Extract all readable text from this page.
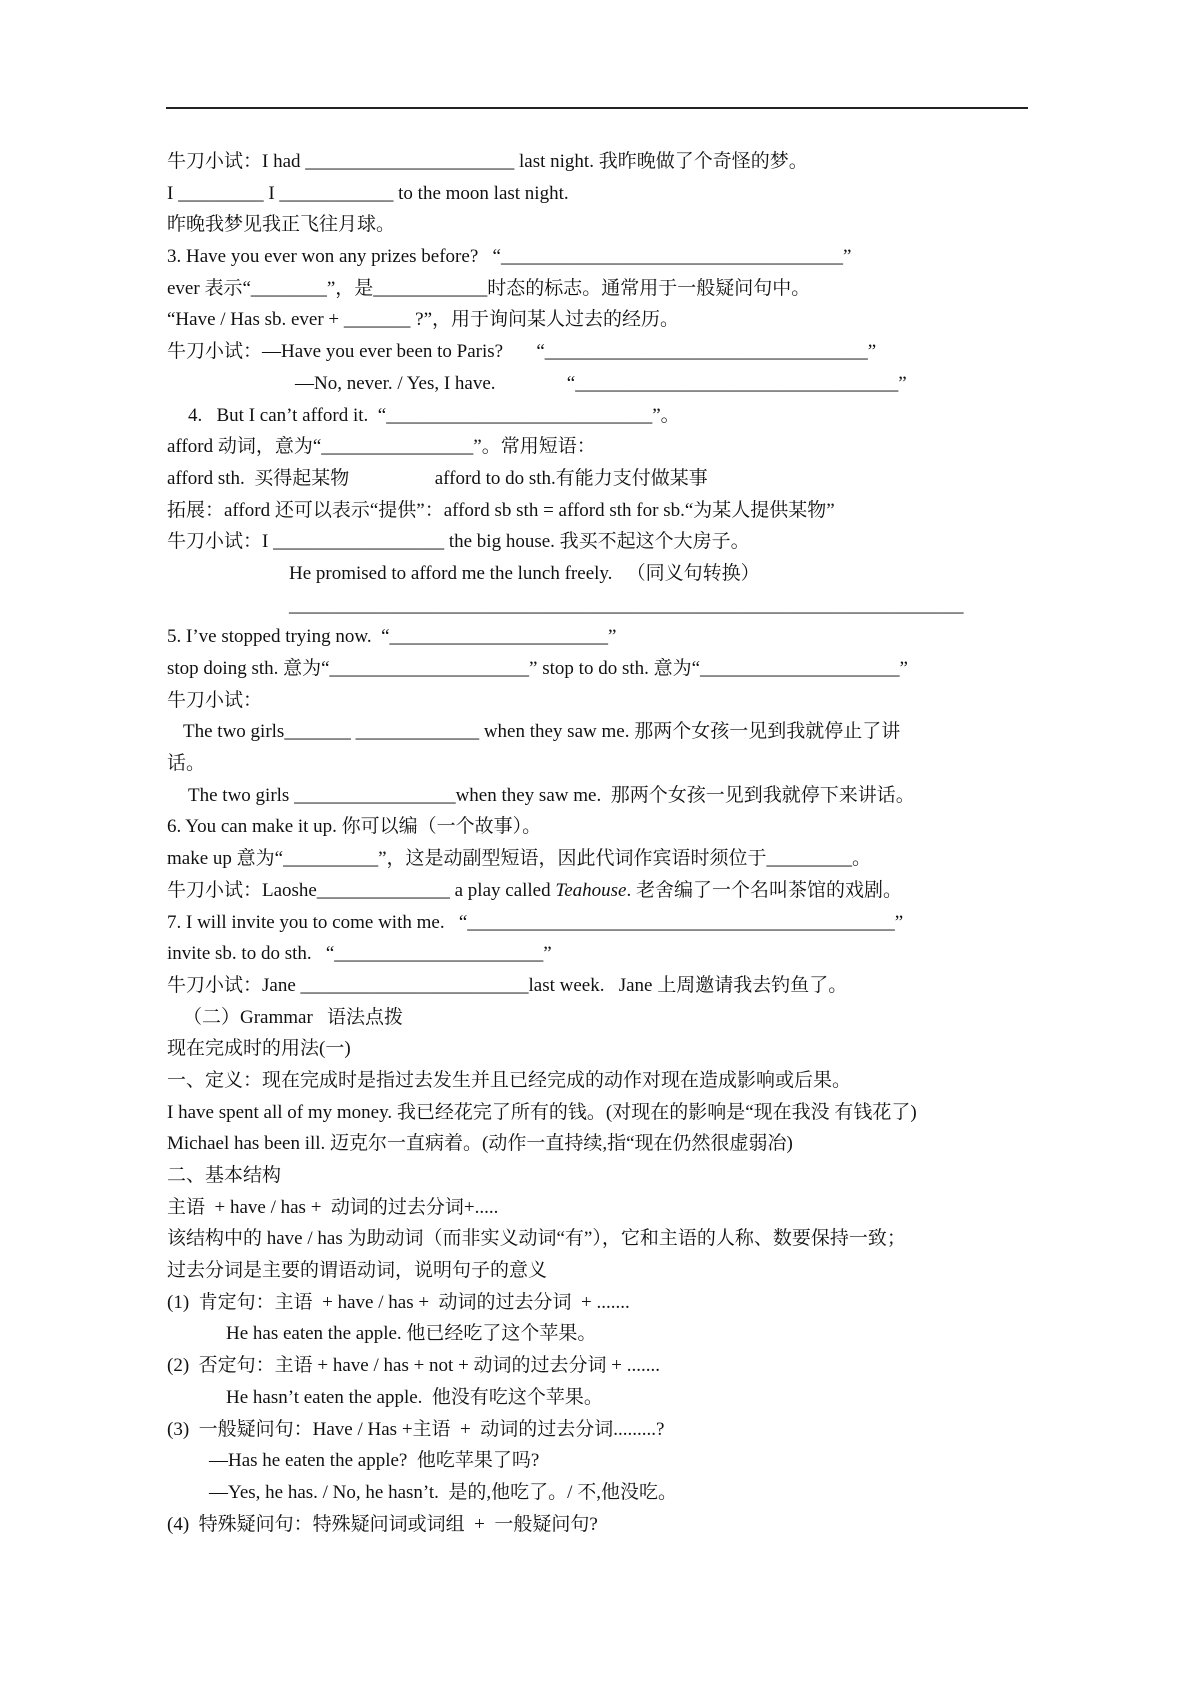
牛刀小试：I had ______________________ last night. 我昨晚做了个奇怪的梦。
I _________ I ____________ to the moon last night.
昨晚我梦见我正飞往月球。
3. Have you ever won any prizes before?   “____________________________________”
ever 表示“________”，是____________时态的标志。通常用于一般疑问句中。
“Have / Has sb. ever + _______ ?”，用于询问某人过去的经历。
牛刀小试：—Have you ever been to Paris?       “__________________________________”
—No, never. / Yes, I have.               “__________________________________”
4.   But I can’t afford it.  “____________________________”。
afford 动词，意为“________________”。常用短语：
afford sth.  买得起某物                  afford to do sth.有能力支付做某事
拓展：afford 还可以表示“提供”：afford sb sth = afford sth for sb.“为某人提供某物”
牛刀小试：I __________________ the big house. 我买不起这个大房子。
He promised to afford me the lunch freely.   （同义句转换）
_______________________________________________________________________
5. I’ve stopped trying now.  “_______________________”
stop doing sth. 意为“_____________________” stop to do sth. 意为“_____________________”
牛刀小试：
The two girls_______ _____________ when they saw me. 那两个女孩一见到我就停止了讲
话。
The two girls _________________when they saw me.  那两个女孩一见到我就停下来讲话。
6. You can make it up. 你可以编（一个故事）。
make up 意为“__________”，这是动副型短语，因此代词作宾语时须位于_________。
牛刀小试：Laoshe______________ a play called Teahouse. 老舍编了一个名叫茶馆的戏剧。
7. I will invite you to come with me.   “_____________________________________________”
invite sb. to do sth.   “______________________”
牛刀小试：Jane ________________________last week.   Jane 上周邀请我去钓鱼了。
（二）Grammar   语法点拨
现在完成时的用法(一)
一、定义：现在完成时是指过去发生并且已经完成的动作对现在造成影响或后果。
I have spent all of my money. 我已经花完了所有的钱。(对现在的影响是“现在我没 有钱花了)
Michael has been ill. 迈克尔一直病着。(动作一直持续,指“现在仍然很虚弱冶)
二、基本结构
主语  + have / has +  动词的过去分词+.....
该结构中的 have / has 为助动词（而非实义动词“有”），它和主语的人称、数要保持一致；
过去分词是主要的谓语动词，说明句子的意义
(1)  肯定句：主语  + have / has +  动词的过去分词  + .......
He has eaten the apple. 他已经吃了这个苹果。
(2)  否定句：主语 + have / has + not + 动词的过去分词 + .......
He hasn’t eaten the apple.  他没有吃这个苹果。
(3)  一般疑问句：Have / Has +主语  +  动词的过去分词.........?
—Has he eaten the apple?  他吃苹果了吗?
—Yes, he has. / No, he hasn’t.  是的,他吃了。/ 不,他没吃。
(4)  特殊疑问句：特殊疑问词或词组  +  一般疑问句?
